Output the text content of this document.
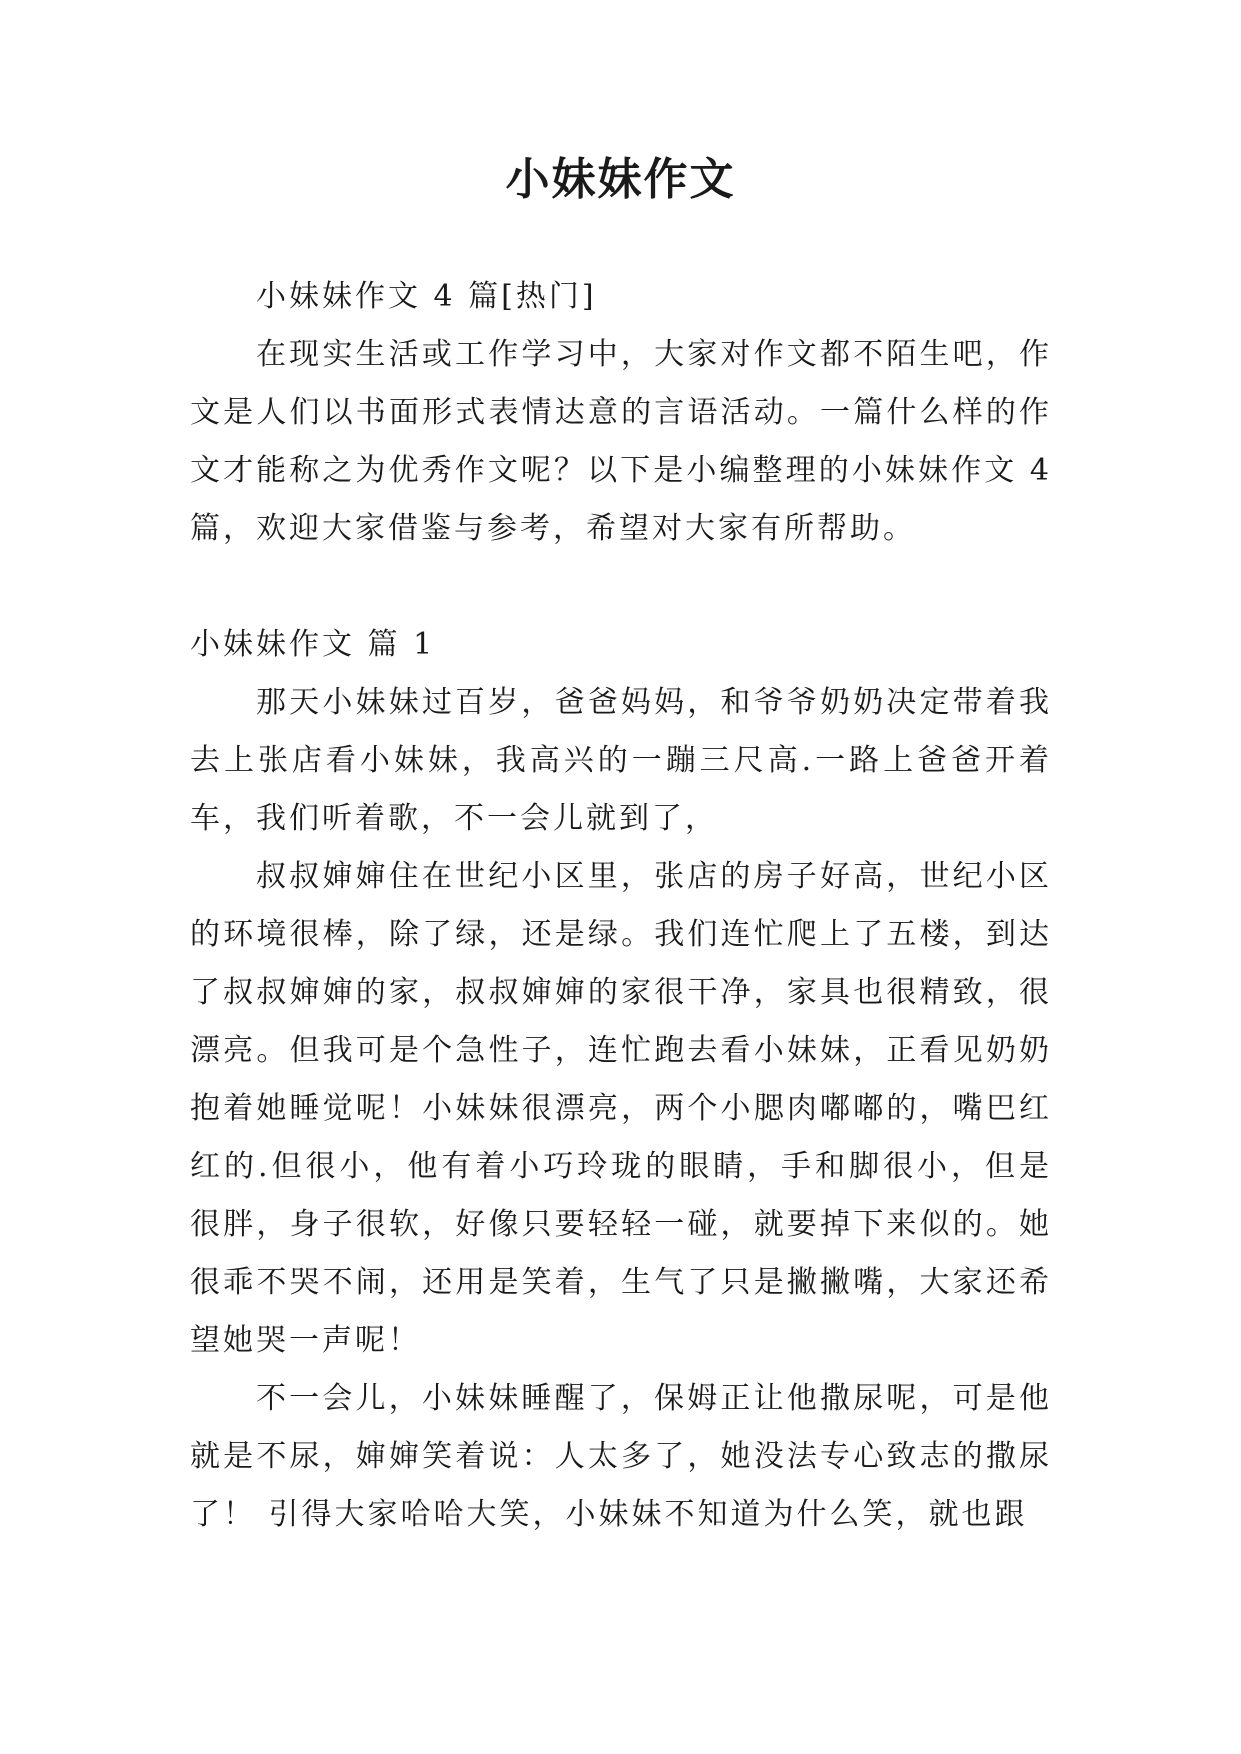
小妹妹作文

小妹妹作文 4 篇[热门]

在现实生活或工作学习中，大家对作文都不陌生吧，作文是人们以书面形式表情达意的言语活动。一篇什么样的作文才能称之为优秀作文呢？以下是小编整理的小妹妹作文 4 篇，欢迎大家借鉴与参考，希望对大家有所帮助。

小妹妹作文 篇 1

那天小妹妹过百岁，爸爸妈妈，和爷爷奶奶决定带着我去上张店看小妹妹，我高兴的一蹦三尺高.一路上爸爸开着车，我们听着歌，不一会儿就到了，

叔叔婶婶住在世纪小区里，张店的房子好高，世纪小区的环境很棒，除了绿，还是绿。我们连忙爬上了五楼，到达了叔叔婶婶的家，叔叔婶婶的家很干净，家具也很精致，很漂亮。但我可是个急性子，连忙跑去看小妹妹，正看见奶奶抱着她睡觉呢！小妹妹很漂亮，两个小腮肉嘟嘟的，嘴巴红红的.但很小，他有着小巧玲珑的眼睛，手和脚很小，但是很胖，身子很软，好像只要轻轻一碰，就要掉下来似的。她很乖不哭不闹，还用是笑着，生气了只是撇撇嘴，大家还希望她哭一声呢！

不一会儿，小妹妹睡醒了，保姆正让他撒尿呢，可是他就是不尿，婶婶笑着说：人太多了，她没法专心致志的撒尿了！ 引得大家哈哈大笑，小妹妹不知道为什么笑，就也跟
